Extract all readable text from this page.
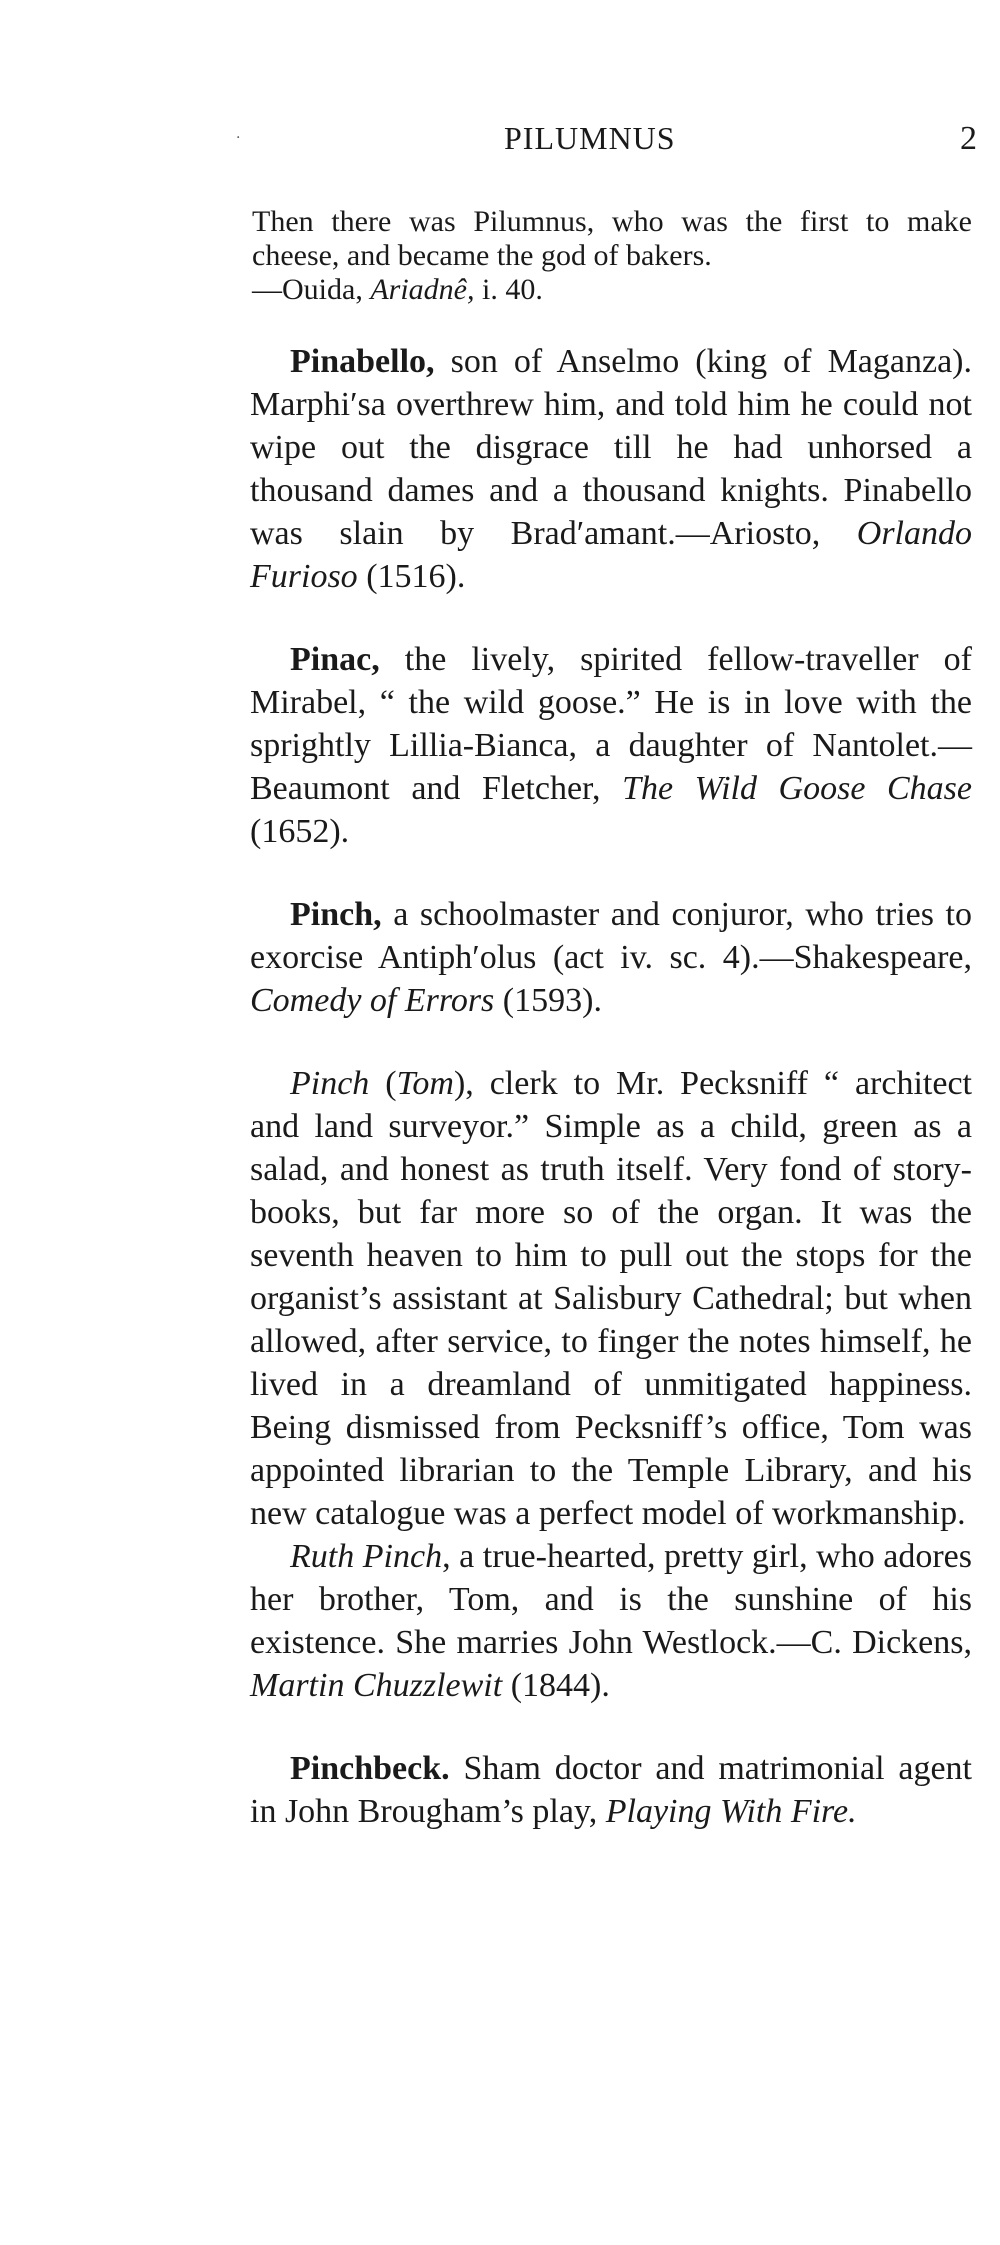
·	PILUMNUS	2
Then there was Pilumnus, who was the first to make cheese, and became the god of bakers.
—Ouida, Ariadnê, i. 40.

Pinabello, son of Anselmo (king of Maganza). Marphi′sa overthrew him, and told him he could not wipe out the disgrace till he had unhorsed a thousand dames and a thousand knights. Pinabello was slain by Brad′amant.—Ariosto, Orlando Furioso (1516).

Pinac, the lively, spirited fellow-traveller of Mirabel, “ the wild goose.” He is in love with the sprightly Lillia-Bianca, a daughter of Nantolet.—Beaumont and Fletcher, The Wild Goose Chase (1652).

Pinch, a schoolmaster and conjuror, who tries to exorcise Antiph′olus (act iv. sc. 4).—Shakespeare, Comedy of Errors (1593).

Pinch (Tom), clerk to Mr. Pecksniff “ architect and land surveyor.” Simple as a child, green as a salad, and honest as truth itself. Very fond of story-books, but far more so of the organ. It was the seventh heaven to him to pull out the stops for the organist’s assistant at Salisbury Cathedral; but when allowed, after service, to finger the notes himself, he lived in a dreamland of unmitigated happiness. Being dismissed from Pecksniff’s office, Tom was appointed librarian to the Temple Library, and his new catalogue was a perfect model of workmanship.

Ruth Pinch, a true-hearted, pretty girl, who adores her brother, Tom, and is the sunshine of his existence. She marries John Westlock.—C. Dickens, Martin Chuzzlewit (1844).

Pinchbeck. Sham doctor and matrimonial agent in John Brougham’s play, Playing With Fire.
